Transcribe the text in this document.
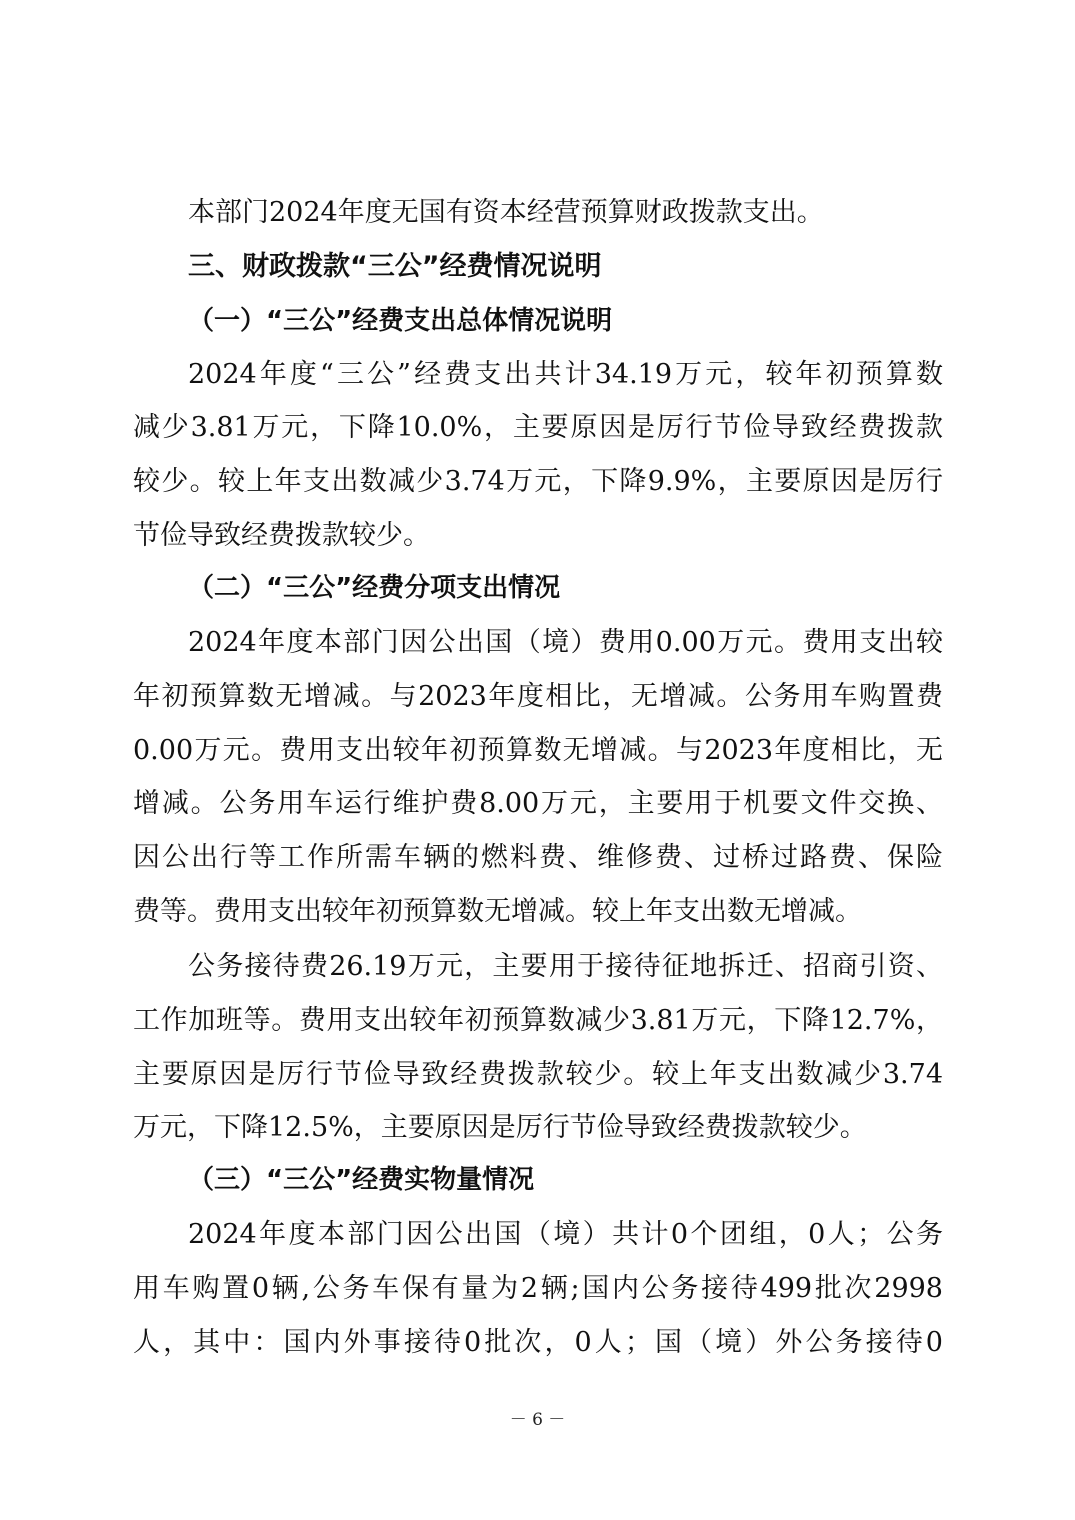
本部门2024年度无国有资本经营预算财政拨款支出。
三、财政拨款“三公”经费情况说明
（一）“三公”经费支出总体情况说明
2024年度“三公”经费支出共计34.19万元，较年初预算数
减少3.81万元，下降10.0%，主要原因是厉行节俭导致经费拨款
较少。较上年支出数减少3.74万元，下降9.9%，主要原因是厉行
节俭导致经费拨款较少。
（二）“三公”经费分项支出情况
2024年度本部门因公出国（境）费用0.00万元。费用支出较
年初预算数无增减。与2023年度相比，无增减。公务用车购置费
0.00万元。费用支出较年初预算数无增减。与2023年度相比，无
增减。公务用车运行维护费8.00万元，主要用于机要文件交换、
因公出行等工作所需车辆的燃料费、维修费、过桥过路费、保险
费等。费用支出较年初预算数无增减。较上年支出数无增减。
公务接待费26.19万元，主要用于接待征地拆迁、招商引资、
工作加班等。费用支出较年初预算数减少3.81万元，下降12.7%，
主要原因是厉行节俭导致经费拨款较少。较上年支出数减少3.74
万元，下降12.5%，主要原因是厉行节俭导致经费拨款较少。
（三）“三公”经费实物量情况
2024年度本部门因公出国（境）共计0个团组，0人；公务
用车购置0辆,公务车保有量为2辆;国内公务接待499批次2998
人，其中：国内外事接待0批次，0人；国（境）外公务接待0
－ 6 －
